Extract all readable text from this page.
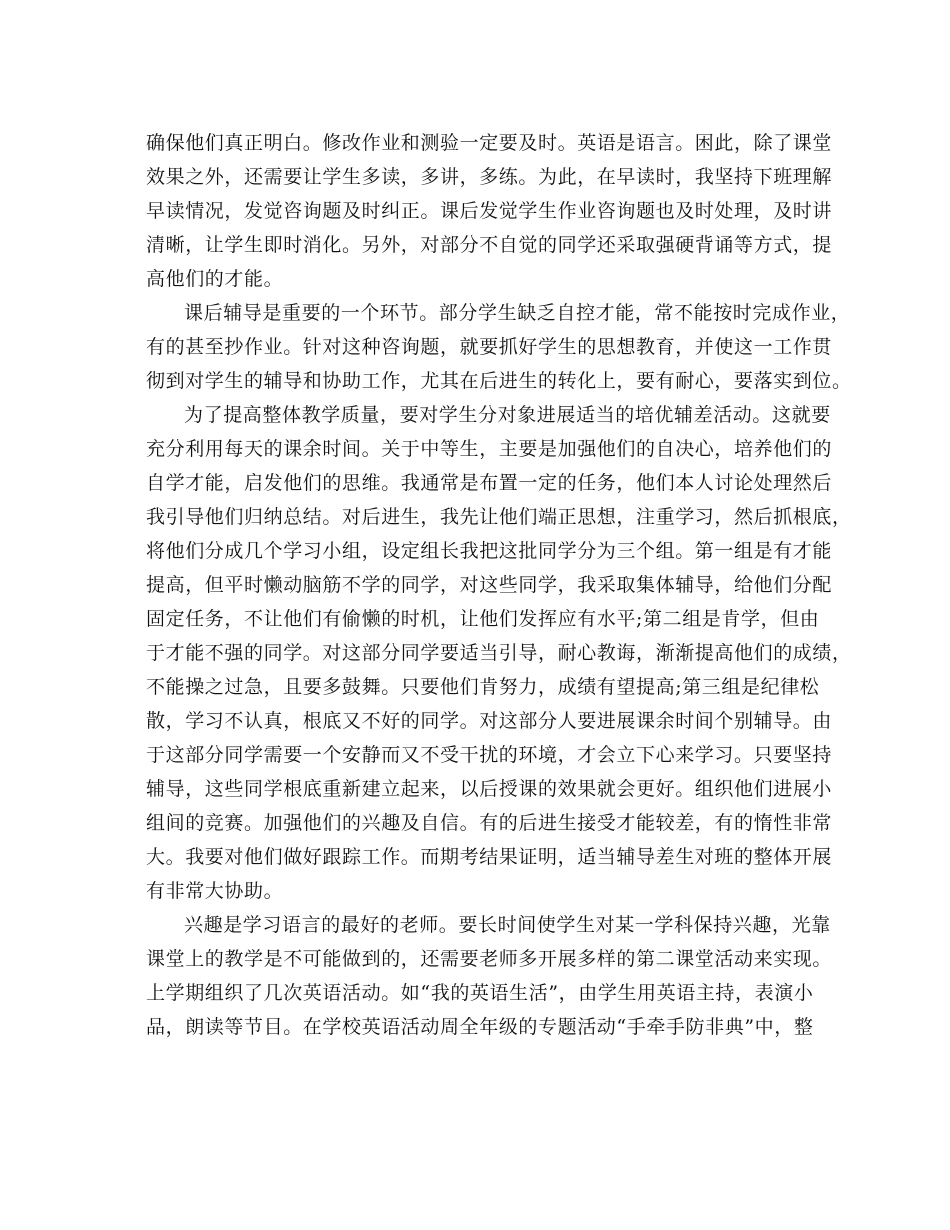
确保他们真正明白。修改作业和测验一定要及时。英语是语言。困此，除了课堂
效果之外，还需要让学生多读，多讲，多练。为此，在早读时，我坚持下班理解
早读情况，发觉咨询题及时纠正。课后发觉学生作业咨询题也及时处理，及时讲
清晰，让学生即时消化。另外，对部分不自觉的同学还采取强硬背诵等方式，提
高他们的才能。
课后辅导是重要的一个环节。部分学生缺乏自控才能，常不能按时完成作业，
有的甚至抄作业。针对这种咨询题，就要抓好学生的思想教育，并使这一工作贯
彻到对学生的辅导和协助工作，尤其在后进生的转化上，要有耐心，要落实到位。
为了提高整体教学质量，要对学生分对象进展适当的培优辅差活动。这就要
充分利用每天的课余时间。关于中等生，主要是加强他们的自决心，培养他们的
自学才能，启发他们的思维。我通常是布置一定的任务，他们本人讨论处理然后
我引导他们归纳总结。对后进生，我先让他们端正思想，注重学习，然后抓根底，
将他们分成几个学习小组，设定组长我把这批同学分为三个组。第一组是有才能
提高，但平时懒动脑筋不学的同学，对这些同学，我采取集体辅导，给他们分配
固定任务，不让他们有偷懒的时机，让他们发挥应有水平;第二组是肯学，但由
于才能不强的同学。对这部分同学要适当引导，耐心教诲，渐渐提高他们的成绩，
不能操之过急，且要多鼓舞。只要他们肯努力，成绩有望提高;第三组是纪律松
散，学习不认真，根底又不好的同学。对这部分人要进展课余时间个别辅导。由
于这部分同学需要一个安静而又不受干扰的环境，才会立下心来学习。只要坚持
辅导，这些同学根底重新建立起来，以后授课的效果就会更好。组织他们进展小
组间的竞赛。加强他们的兴趣及自信。有的后进生接受才能较差，有的惰性非常
大。我要对他们做好跟踪工作。而期考结果证明，适当辅导差生对班的整体开展
有非常大协助。
兴趣是学习语言的最好的老师。要长时间使学生对某一学科保持兴趣，光靠
课堂上的教学是不可能做到的，还需要老师多开展多样的第二课堂活动来实现。
上学期组织了几次英语活动。如“我的英语生活”，由学生用英语主持，表演小
品，朗读等节目。在学校英语活动周全年级的专题活动“手牵手防非典”中，整
